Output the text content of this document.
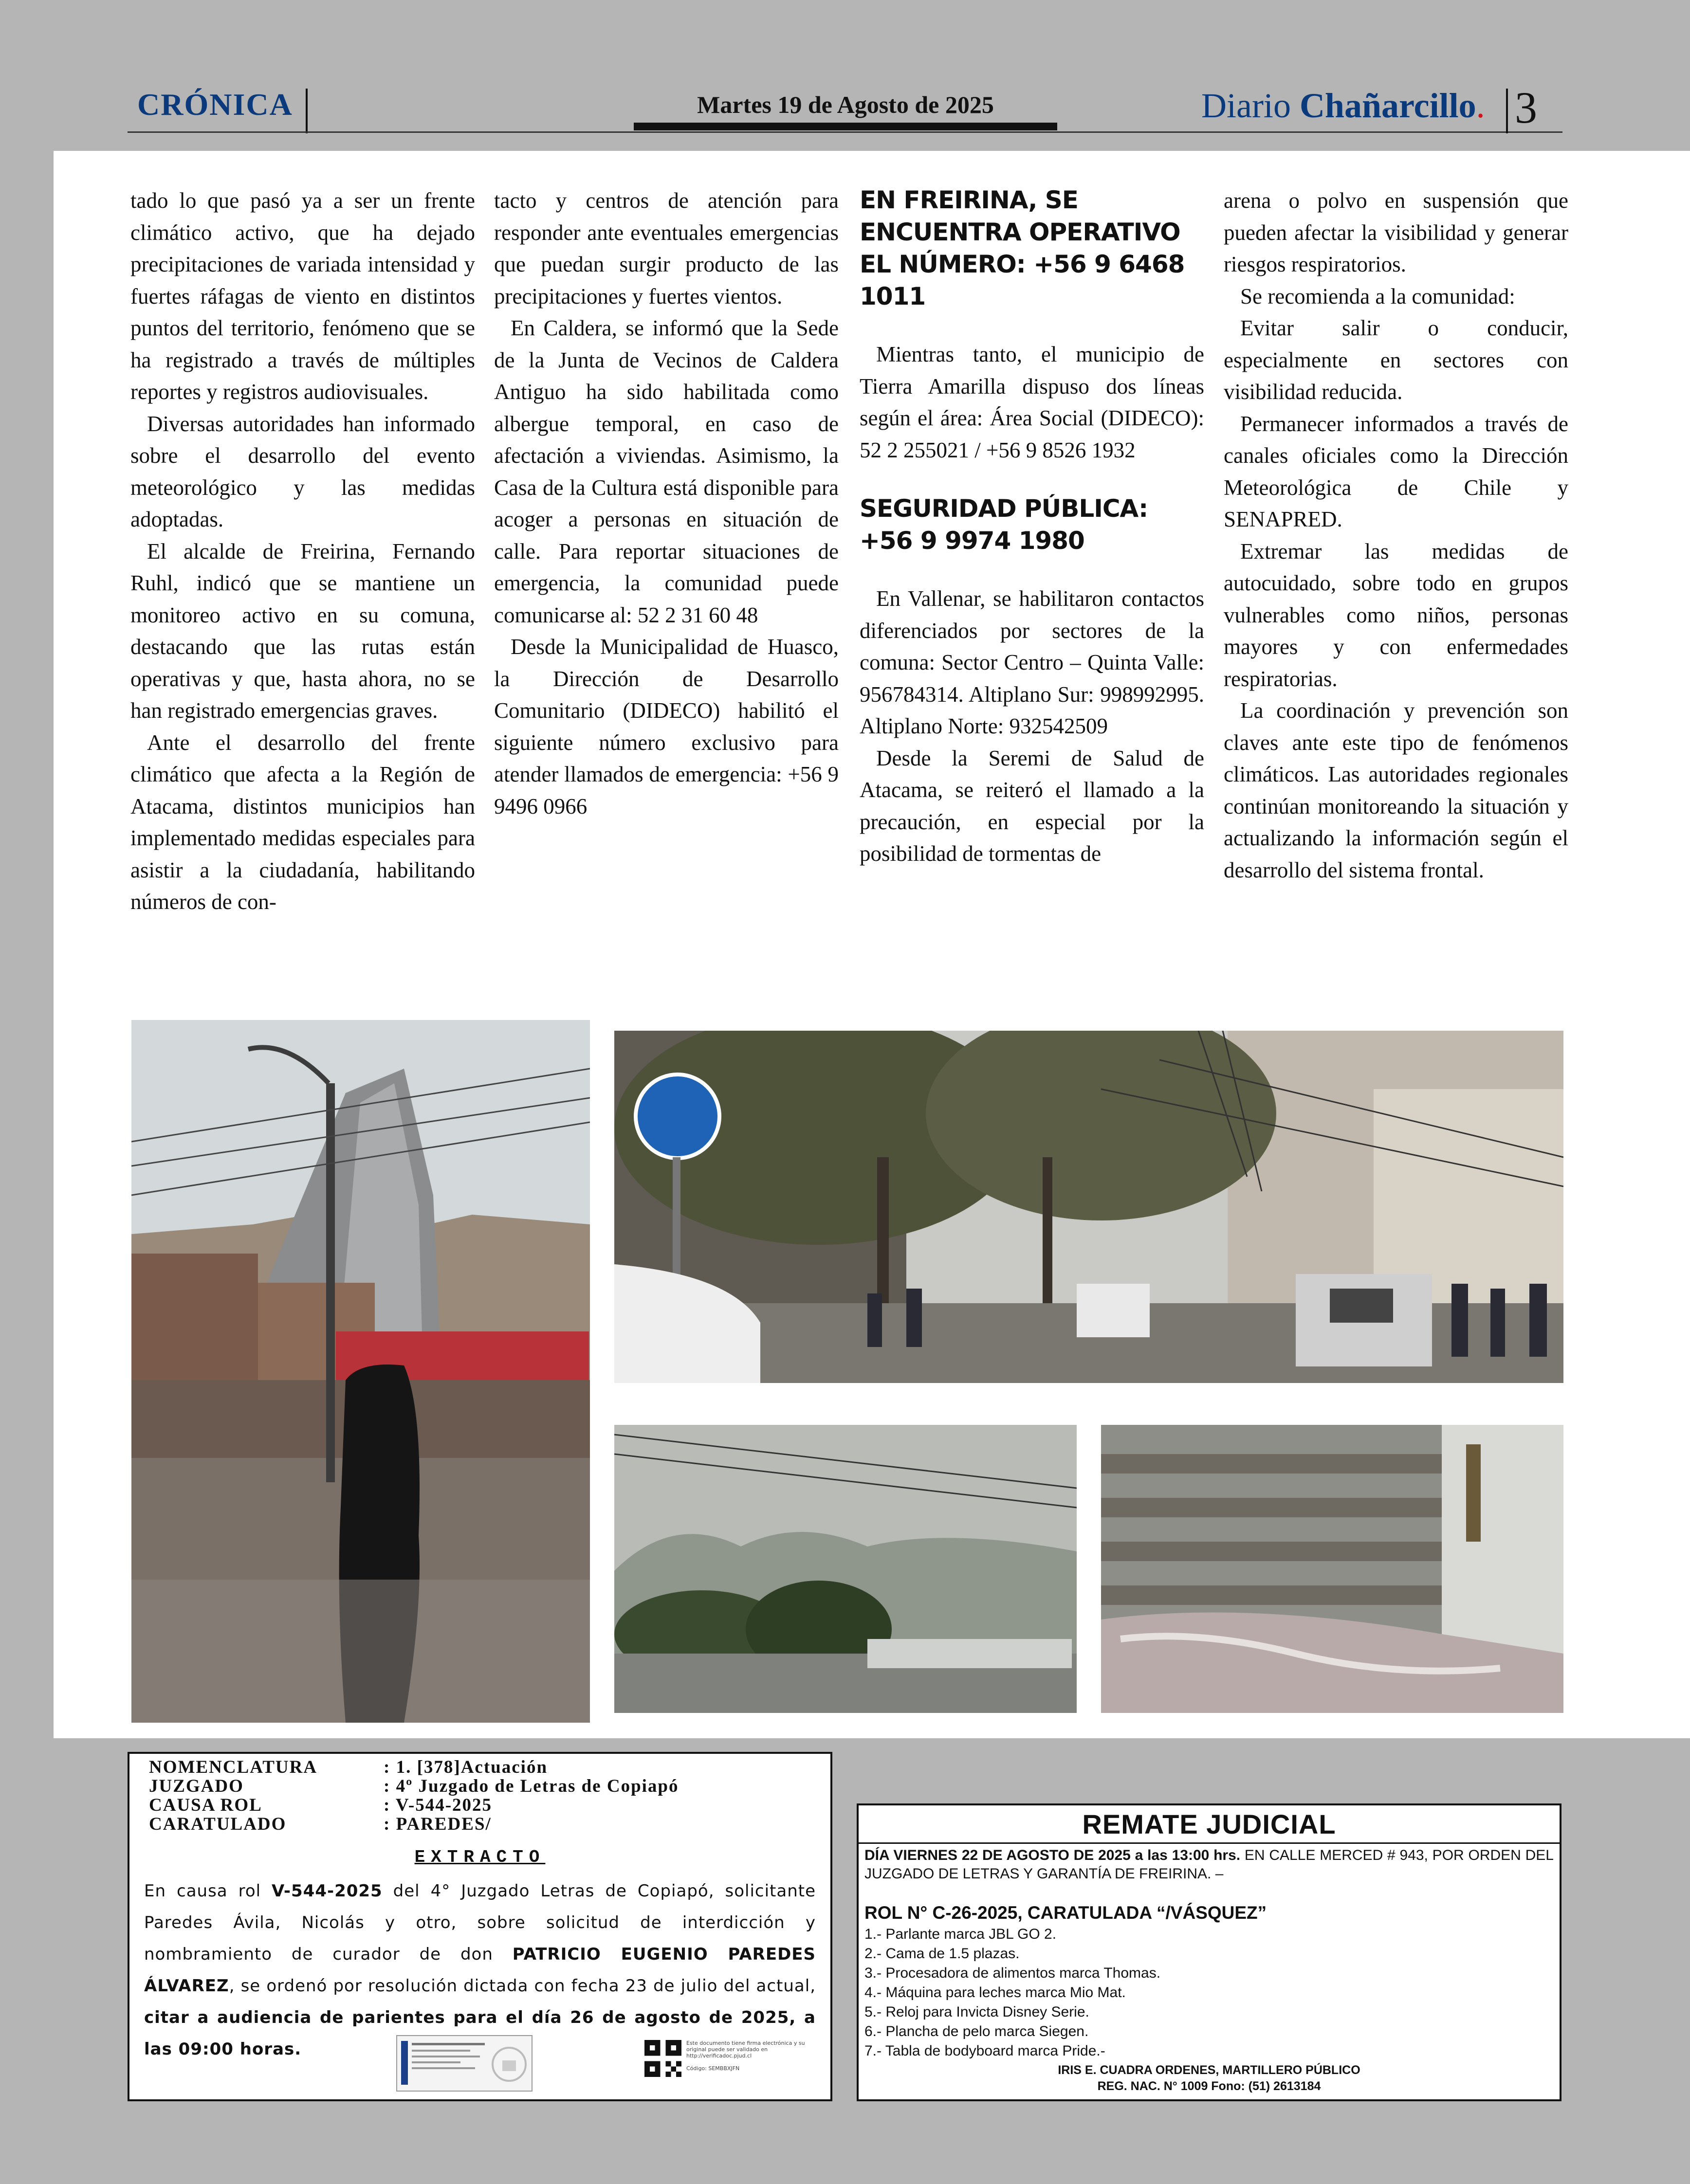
CRÓNICA	Martes 19 de Agosto de 2025	Diario Chañarcillo. 3

tado lo que pasó ya a ser un frente climático activo, que ha dejado precipitaciones de variada intensidad y fuertes ráfagas de viento en distintos puntos del territorio, fenómeno que se ha registrado a través de múltiples reportes y registros audiovisuales.

Diversas autoridades han informado sobre el desarrollo del evento meteorológico y las medidas adoptadas.

El alcalde de Freirina, Fernando Ruhl, indicó que se mantiene un monitoreo activo en su comuna, destacando que las rutas están operativas y que, hasta ahora, no se han registrado emergencias graves.

Ante el desarrollo del frente climático que afecta a la Región de Atacama, distintos municipios han implementado medidas especiales para asistir a la ciudadanía, habilitando números de con-

tacto y centros de atención para responder ante eventuales emergencias que puedan surgir producto de las precipitaciones y fuertes vientos.

En Caldera, se informó que la Sede de la Junta de Vecinos de Caldera Antiguo ha sido habilitada como albergue temporal, en caso de afectación a viviendas. Asimismo, la Casa de la Cultura está disponible para acoger a personas en situación de calle. Para reportar situaciones de emergencia, la comunidad puede comunicarse al: 52 2 31 60 48

Desde la Municipalidad de Huasco, la Dirección de Desarrollo Comunitario (DIDECO) habilitó el siguiente número exclusivo para atender llamados de emergencia: +56 9 9496 0966

EN FREIRINA, SE ENCUENTRA OPERATIVO EL NÚMERO: +56 9 6468 1011

Mientras tanto, el municipio de Tierra Amarilla dispuso dos líneas según el área: Área Social (DIDECO): 52 2 255021 / +56 9 8526 1932

SEGURIDAD PÚBLICA: +56 9 9974 1980

En Vallenar, se habilitaron contactos diferenciados por sectores de la comuna: Sector Centro – Quinta Valle: 956784314. Altiplano Sur: 998992995. Altiplano Norte: 932542509

Desde la Seremi de Salud de Atacama, se reiteró el llamado a la precaución, en especial por la posibilidad de tormentas de

arena o polvo en suspensión que pueden afectar la visibilidad y generar riesgos respiratorios.

Se recomienda a la comunidad:

Evitar salir o conducir, especialmente en sectores con visibilidad reducida.

Permanecer informados a través de canales oficiales como la Dirección Meteorológica de Chile y SENAPRED.

Extremar las medidas de autocuidado, sobre todo en grupos vulnerables como niños, personas mayores y con enfermedades respiratorias.

La coordinación y prevención son claves ante este tipo de fenómenos climáticos. Las autoridades regionales continúan monitoreando la situación y actualizando la información según el desarrollo del sistema frontal.

NOMENCLATURA	: 1. [378]Actuación
JUZGADO	: 4º Juzgado de Letras de Copiapó
CAUSA ROL	: V-544-2025
CARATULADO	: PAREDES/
EXTRACTO
En causa rol V-544-2025 del 4° Juzgado Letras de Copiapó, solicitante Paredes Ávila, Nicolás y otro, sobre solicitud de interdicción y nombramiento de curador de don PATRICIO EUGENIO PAREDES ÁLVAREZ, se ordenó por resolución dictada con fecha 23 de julio del actual, citar a audiencia de parientes para el día 26 de agosto de 2025, a las 09:00 horas.	Este documento tiene firma electrónica y su original puede ser validado en http://verificadoc.pjud.cl

Código: SEMBBXJFN
REMATE JUDICIAL
DÍA VIERNES 22 DE AGOSTO DE 2025 a las 13:00 hrs. EN CALLE MERCED # 943, POR ORDEN DEL JUZGADO DE LETRAS Y GARANTÍA DE FREIRINA. –
ROL N° C-26-2025, CARATULADA “/VÁSQUEZ”
1.- Parlante marca JBL GO 2.
2.- Cama de 1.5 plazas.
3.- Procesadora de alimentos marca Thomas.
4.- Máquina para leches marca Mio Mat.
5.- Reloj para Invicta Disney Serie.
6.- Plancha de pelo marca Siegen.
7.- Tabla de bodyboard marca Pride.-
IRIS E. CUADRA ORDENES, MARTILLERO PÚBLICO
REG. NAC. N° 1009 Fono: (51) 2613184
